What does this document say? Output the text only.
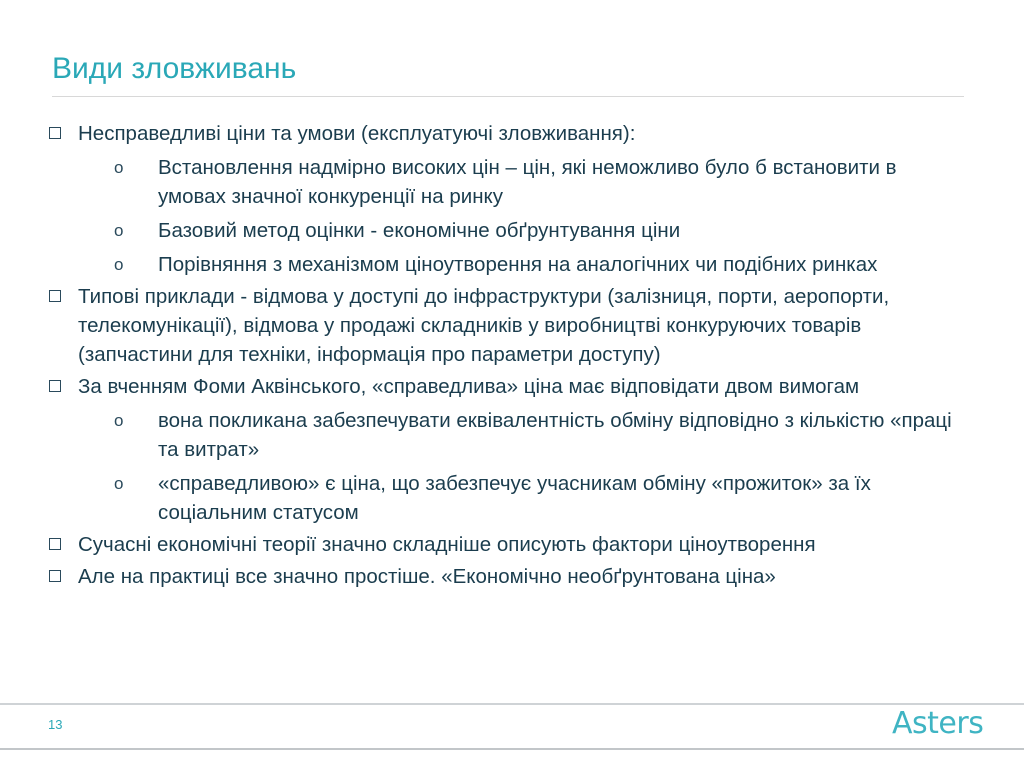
Види зловживань
Несправедливі ціни та умови (експлуатуючі зловживання):
o Встановлення надмірно високих цін – цін, які неможливо було б встановити в умовах значної конкуренції на ринку
o Базовий метод оцінки - економічне обґрунтування ціни
o Порівняння з механізмом ціноутворення на аналогічних чи подібних ринках
Типові приклади - відмова у доступі до інфраструктури (залізниця, порти, аеропорти, телекомунікації), відмова у продажі складників у виробництві конкуруючих товарів (запчастини для техніки, інформація про параметри доступу)
За вченням Фоми Аквінського, «справедлива» ціна має відповідати двом вимогам
o вона покликана забезпечувати еквівалентність обміну відповідно з кількістю «праці та витрат»
o «справедливою» є ціна, що забезпечує учасникам обміну «прожиток» за їх соціальним статусом
Сучасні економічні теорії значно складніше описують фактори ціноутворення
Але на практиці все значно простіше. «Економічно необґрунтована ціна»
13	Asters
